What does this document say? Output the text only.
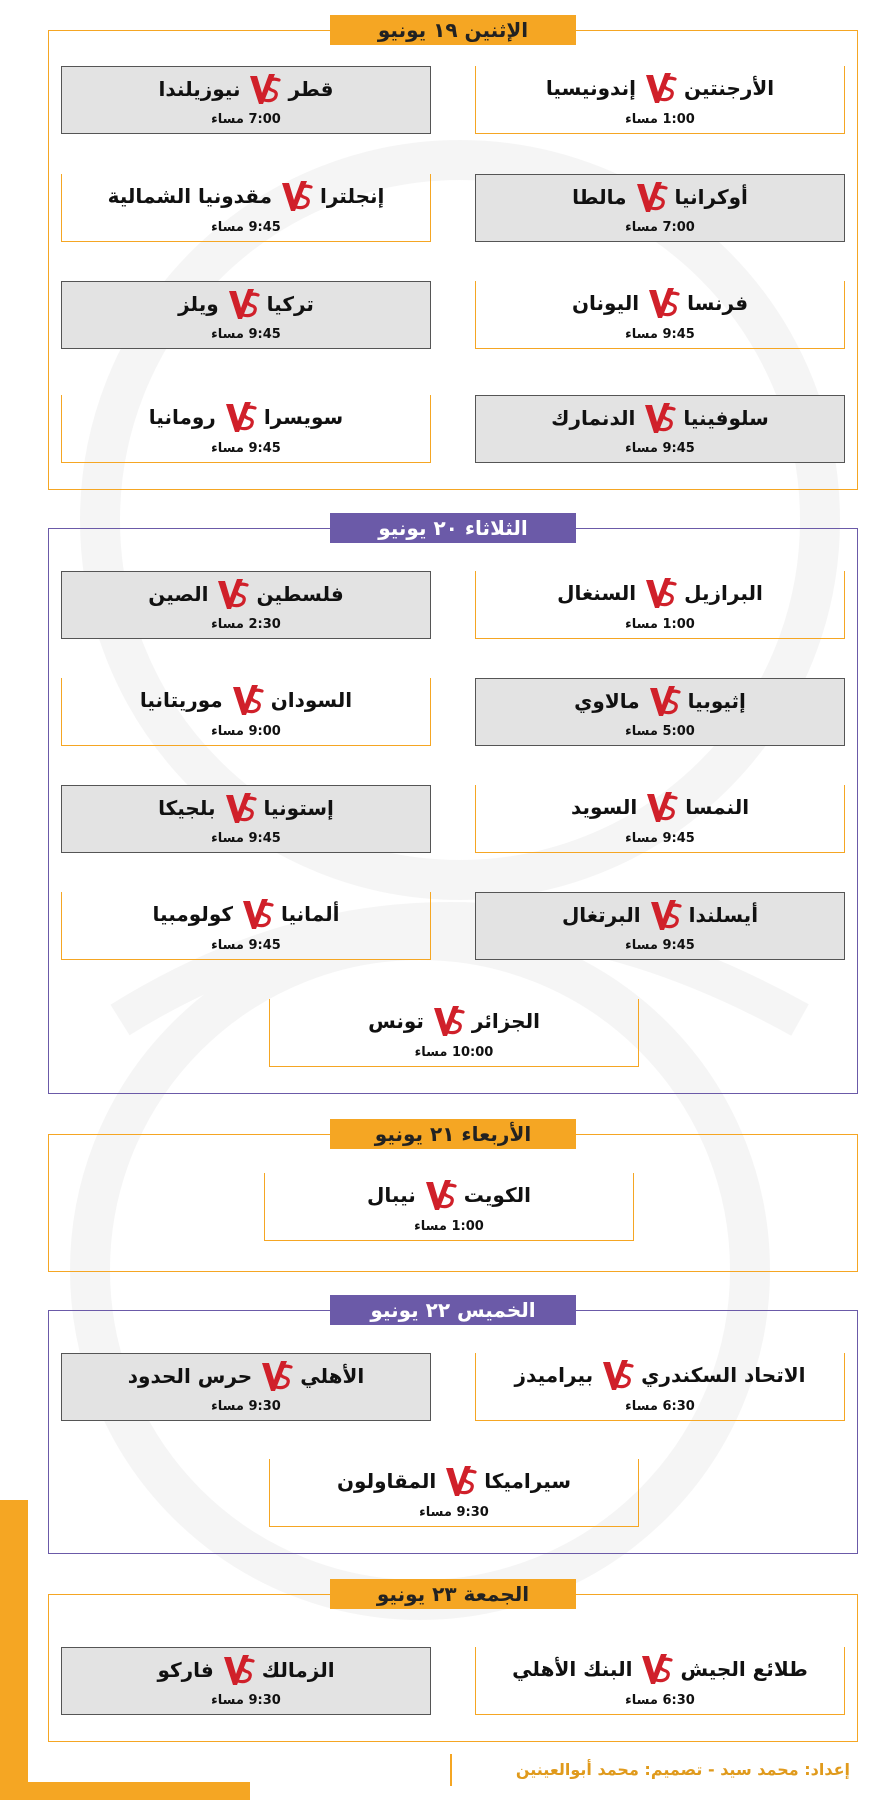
الإثنين ١٩ يونيو
الأرجنتين
إندونيسيا
1:00 مساء
قطر
نيوزيلندا
7:00 مساء
أوكرانيا
مالطا
7:00 مساء
إنجلترا
مقدونيا الشمالية
9:45 مساء
فرنسا
اليونان
9:45 مساء
تركيا
ويلز
9:45 مساء
سلوفينيا
الدنمارك
9:45 مساء
سويسرا
رومانيا
9:45 مساء
الثلاثاء ٢٠ يونيو
البرازيل
السنغال
1:00 مساء
فلسطين
الصين
2:30 مساء
إثيوبيا
مالاوي
5:00 مساء
السودان
موريتانيا
9:00 مساء
النمسا
السويد
9:45 مساء
إستونيا
بلجيكا
9:45 مساء
أيسلندا
البرتغال
9:45 مساء
ألمانيا
كولومبيا
9:45 مساء
الجزائر
تونس
10:00 مساء
الأربعاء ٢١ يونيو
الكويت
نيبال
1:00 مساء
الخميس ٢٢ يونيو
الاتحاد السكندري
بيراميدز
6:30 مساء
الأهلي
حرس الحدود
9:30 مساء
سيراميكا
المقاولون
9:30 مساء
الجمعة ٢٣ يونيو
طلائع الجيش
البنك الأهلي
6:30 مساء
الزمالك
فاركو
9:30 مساء
إعداد: محمد سيد - تصميم: محمد أبوالعينين
